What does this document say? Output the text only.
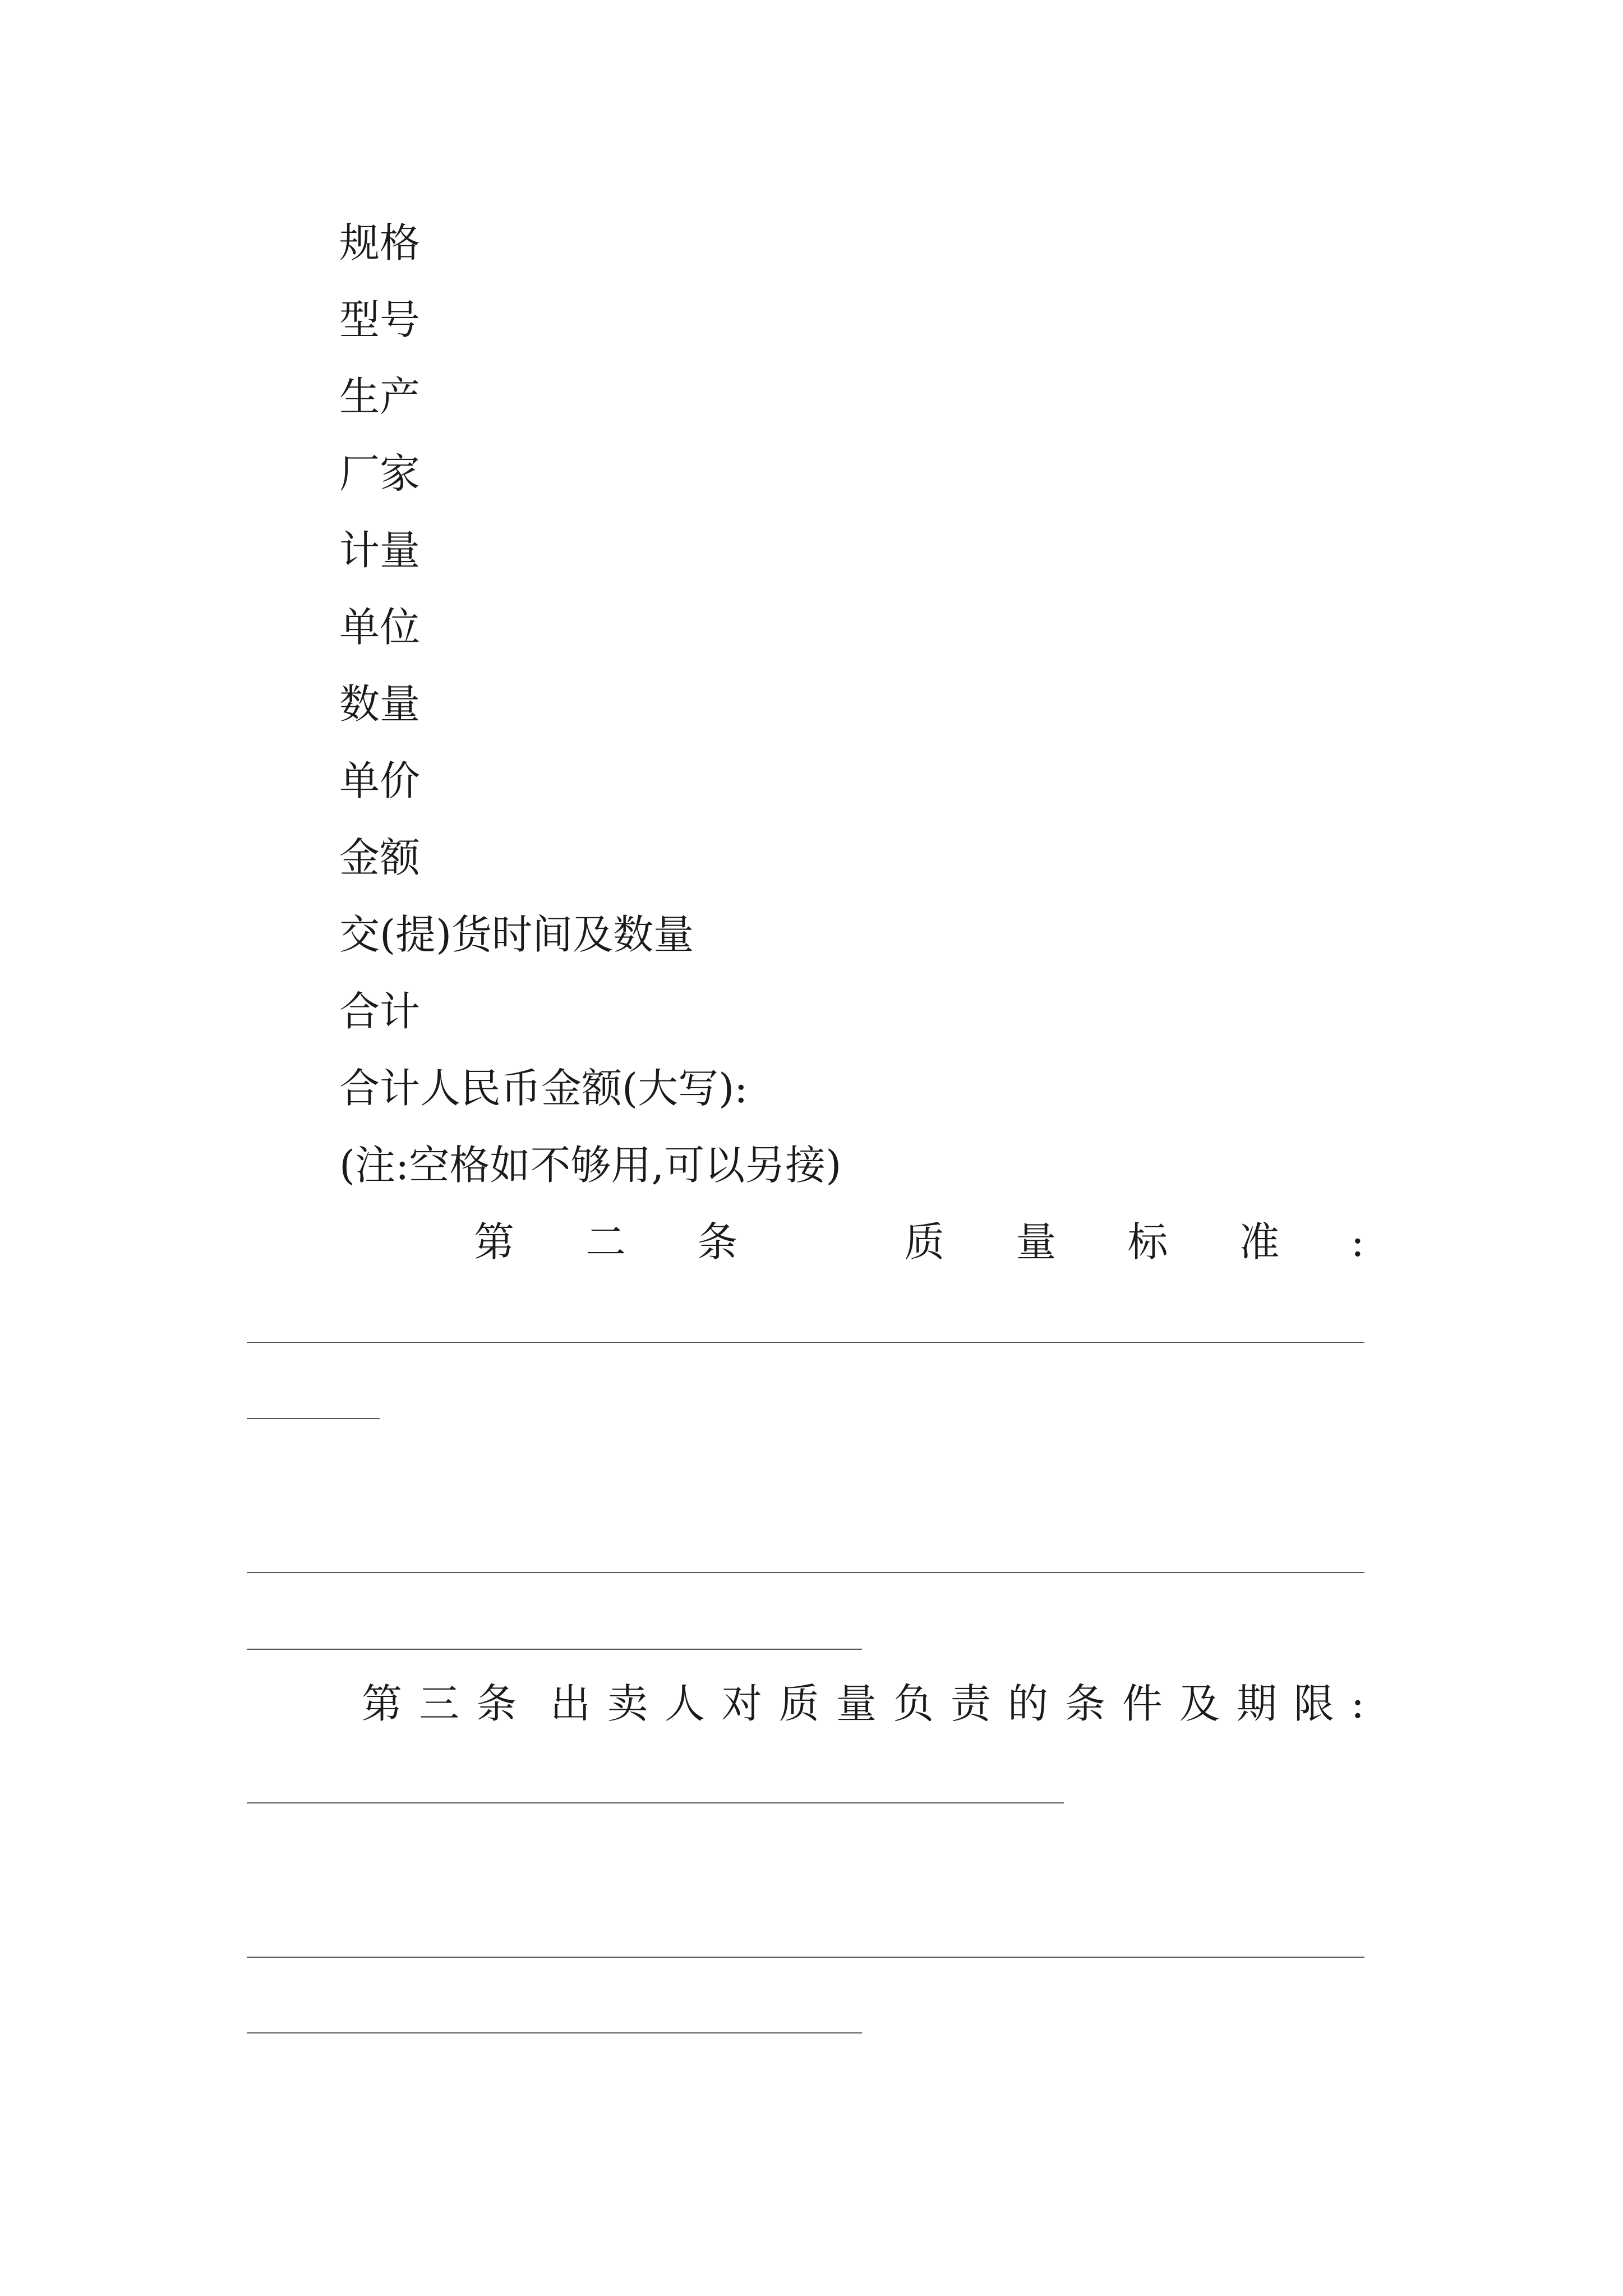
规格
型号
生产
厂家
计量
单位
数量
单价
金额
交(提)货时间及数量
合计
合计人民币金额(大写):
(注:空格如不够用,可以另接)
第 二 条	质 量 标 准 :
第 三 条 出 卖 人 对 质 量 负 责 的 条 件 及 期 限 :
